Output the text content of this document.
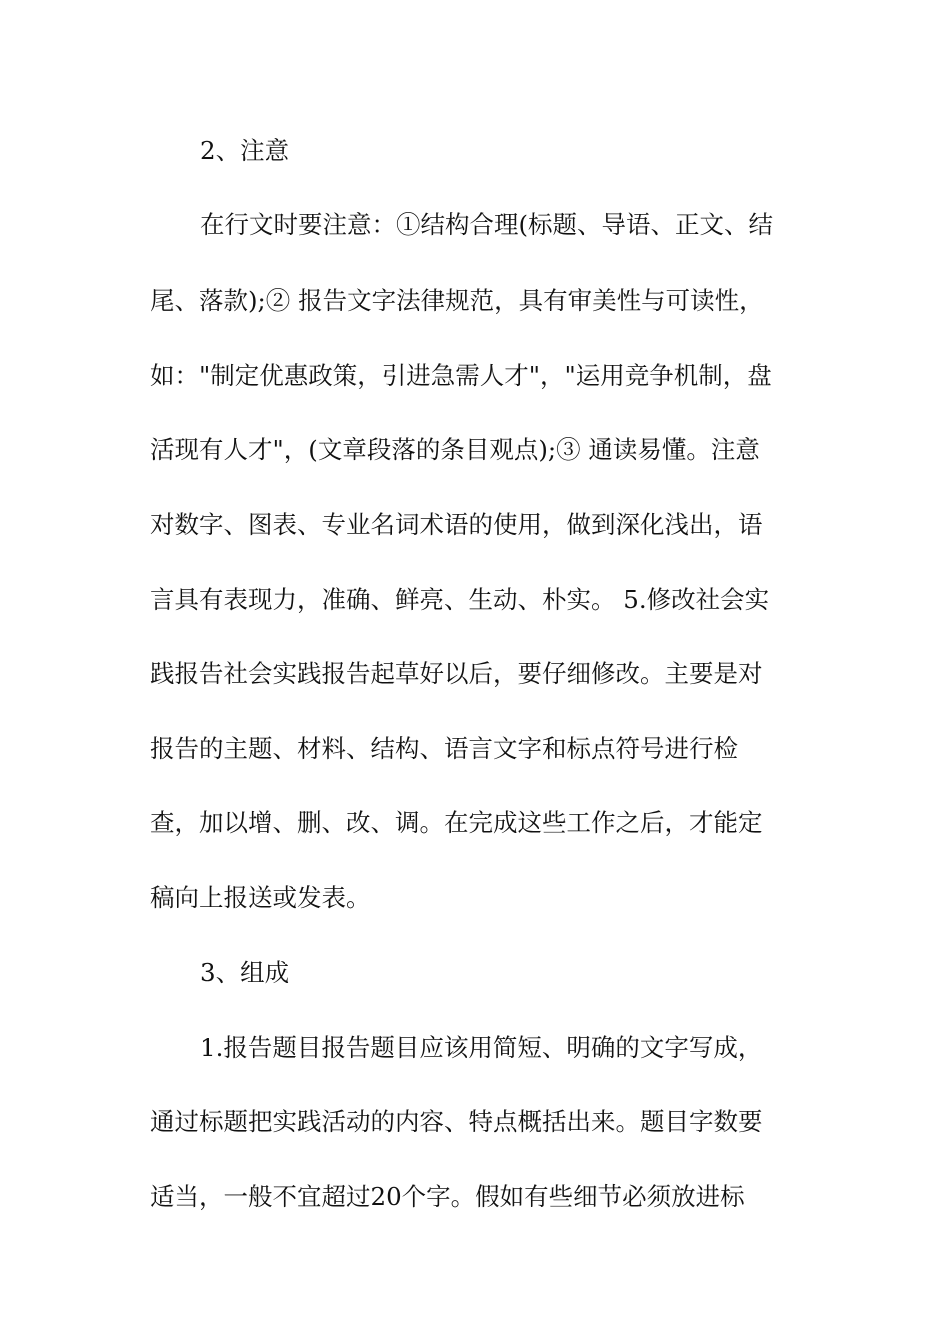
2、注意
在行文时要注意：①结构合理(标题、导语、正文、结
尾、落款);② 报告文字法律规范，具有审美性与可读性，
如："制定优惠政策，引进急需人才"，"运用竞争机制，盘
活现有人才"，(文章段落的条目观点);③ 通读易懂。注意
对数字、图表、专业名词术语的使用，做到深化浅出，语
言具有表现力，准确、鲜亮、生动、朴实。 5.修改社会实
践报告社会实践报告起草好以后，要仔细修改。主要是对
报告的主题、材料、结构、语言文字和标点符号进行检
查，加以增、删、改、调。在完成这些工作之后，才能定
稿向上报送或发表。
3、组成
1.报告题目报告题目应该用简短、明确的文字写成，
通过标题把实践活动的内容、特点概括出来。题目字数要
适当，一般不宜超过20个字。假如有些细节必须放进标
